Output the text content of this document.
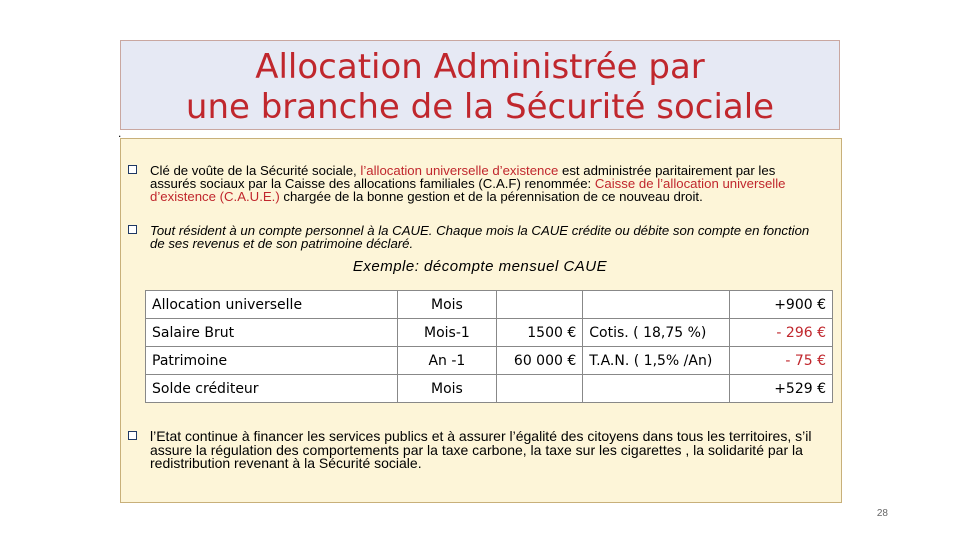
Allocation Administrée par
une branche de la Sécurité sociale
.
Clé de voûte de la Sécurité sociale, l’allocation universelle d’existence est administrée paritairement par les assurés sociaux par la Caisse des allocations familiales (C.A.F) renommée: Caisse de l’allocation universelle d’existence (C.A.U.E.) chargée de la bonne gestion et de la pérennisation de ce nouveau droit.
Tout résident à un compte personnel à la CAUE. Chaque mois la CAUE crédite ou débite son compte en fonction de ses revenus et de son patrimoine déclaré.
Exemple: décompte mensuel CAUE
Allocation universelle	Mois			+900 €
Salaire Brut	Mois-1	1500 €	Cotis. ( 18,75 %)	- 296 €
Patrimoine	An -1	60 000 €	T.A.N. ( 1,5% /An)	- 75 €
Solde créditeur	Mois			+529 €
l’Etat continue à financer les services publics et à assurer l’égalité des citoyens dans tous les territoires, s’il assure la régulation des comportements par la taxe carbone, la taxe sur les cigarettes , la solidarité par la redistribution revenant à la Sécurité sociale.
28
